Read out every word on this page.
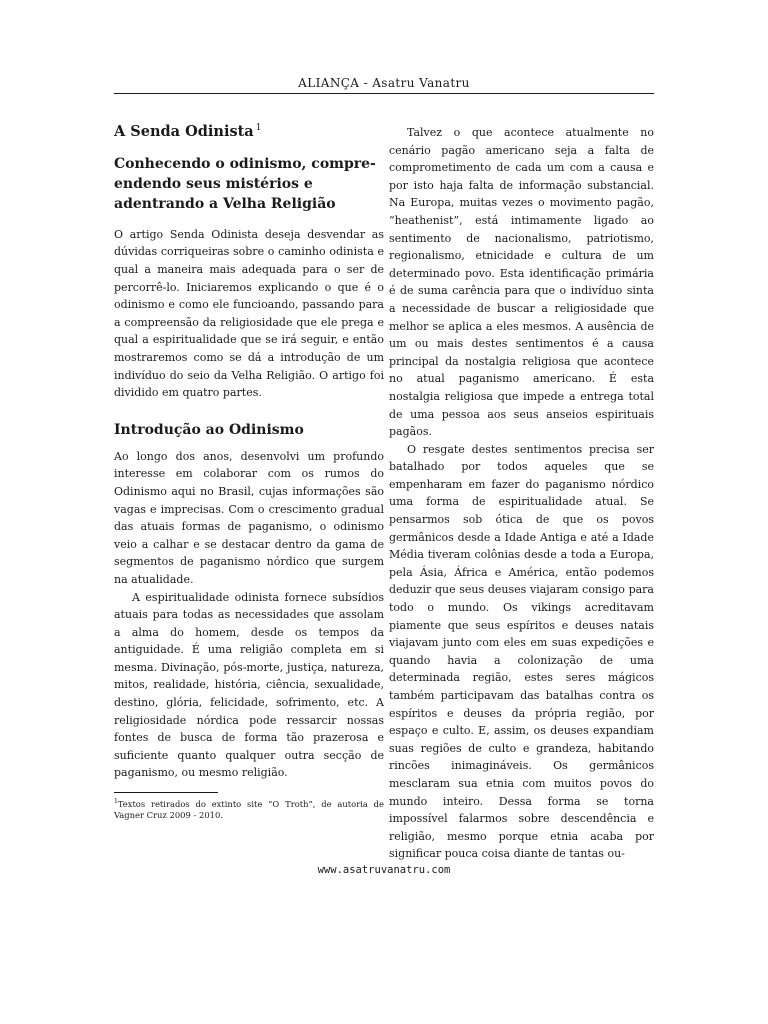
ALIANÇA - Asatru Vanatru
A Senda Odinista $^1$
Conhecendo o odinismo, compre-endendo seus mistérios e adentrando a Velha Religião

O artigo Senda Odinista deseja desvendar as dúvidas corriqueiras sobre o caminho odinista e qual a maneira mais adequada para o ser de percorrê-lo. Iniciaremos explicando o que é o odinismo e como ele funcioando, passando para a compreensão da religiosidade que ele prega e qual a espiritualidade que se irá seguir, e então mostraremos como se dá a introdução de um indivíduo do seio da Velha Religião. O artigo foi dividido em quatro partes.

Introdução ao Odinismo

Ao longo dos anos, desenvolvi um profundo interesse em colaborar com os rumos do Odinismo aqui no Brasil, cujas informações são vagas e imprecisas. Com o crescimento gradual das atuais formas de paganismo, o odinismo veio a calhar e se destacar dentro da gama de segmentos de paganismo nórdico que surgem na atualidade.

A espiritualidade odinista fornece subsídios atuais para todas as necessidades que assolam a alma do homem, desde os tempos da antiguidade. É uma religião completa em si mesma. Divinação, pós-morte, justiça, natureza, mitos, realidade, história, ciência, sexualidade, destino, glória, felicidade, sofrimento, etc. A religiosidade nórdica pode ressarcir nossas fontes de busca de forma tão prazerosa e suficiente quanto qualquer outra secção de paganismo, ou mesmo religião.

$^1$Textos retirados do extinto site “O Troth”, de autoria de Vagner Cruz 2009 - 2010.

Talvez o que acontece atualmente no cenário pagão americano seja a falta de comprometimento de cada um com a causa e por isto haja falta de informação substancial. Na Europa, muitas vezes o movimento pagão, “heathenist”, está intimamente ligado ao sentimento de nacionalismo, patriotismo, regionalismo, etnicidade e cultura de um determinado povo. Esta identificação primária é de suma carência para que o indivíduo sinta a necessidade de buscar a religiosidade que melhor se aplica a eles mesmos. A ausência de um ou mais destes sentimentos é a causa principal da nostalgia religiosa que acontece no atual paganismo americano. É esta nostalgia religiosa que impede a entrega total de uma pessoa aos seus anseios espirituais pagãos.

O resgate destes sentimentos precisa ser batalhado por todos aqueles que se empenharam em fazer do paganismo nórdico uma forma de espiritualidade atual. Se pensarmos sob ótica de que os povos germânicos desde a Idade Antiga e até a Idade Média tiveram colônias desde a toda a Europa, pela Ásia, África e América, então podemos deduzir que seus deuses viajaram consigo para todo o mundo. Os vikings acreditavam piamente que seus espíritos e deuses natais viajavam junto com eles em suas expedições e quando havia a colonização de uma determinada região, estes seres mágicos também participavam das batalhas contra os espíritos e deuses da própria região, por espaço e culto. E, assim, os deuses expandiam suas regiões de culto e grandeza, habitando rincões inimagináveis. Os germânicos mesclaram sua etnia com muitos povos do mundo inteiro. Dessa forma se torna impossível falarmos sobre descendência e religião, mesmo porque etnia acaba por significar pouca coisa diante de tantas ou-

www.asatruvanatru.com
